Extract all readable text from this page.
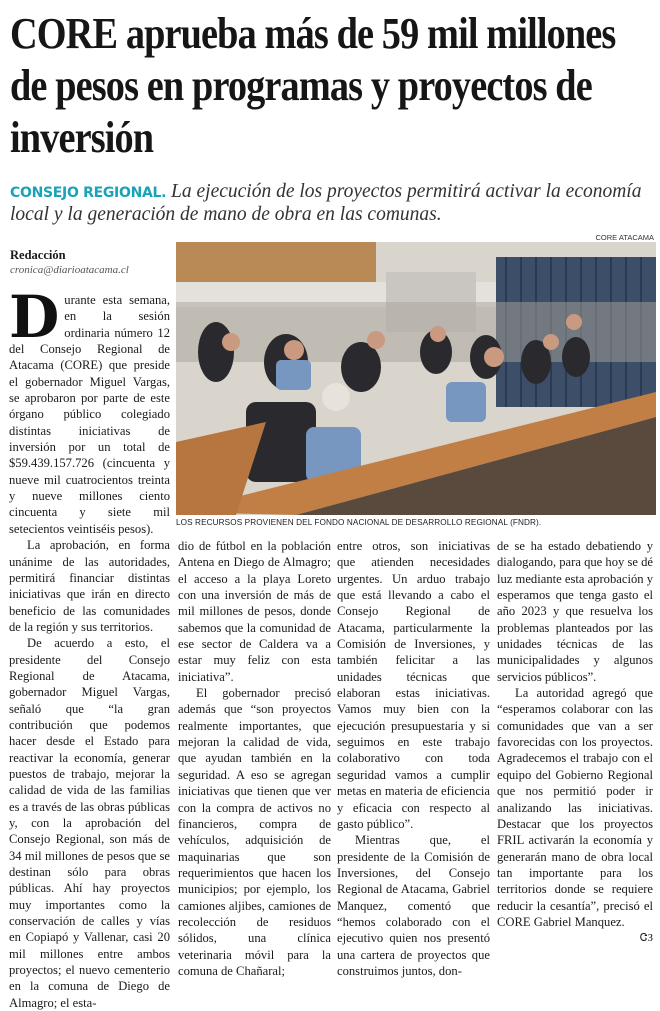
CORE aprueba más de 59 mil millones de pesos en programas y proyectos de inversión
CONSEJO REGIONAL. La ejecución de los proyectos permitirá activar la economía local y la generación de mano de obra en las comunas.
CORE ATACAMA
LOS RECURSOS PROVIENEN DEL FONDO NACIONAL DE DESARROLLO REGIONAL (FNDR).
Redacción
cronica@diarioatacama.cl

Durante esta semana, en la sesión ordinaria número 12 del Consejo Regional de Atacama (CORE) que preside el gobernador Miguel Vargas, se aprobaron por parte de este órgano público colegiado distintas iniciativas de inversión por un total de $59.439.157.726 (cincuenta y nueve mil cuatrocientos treinta y nueve millones ciento cincuenta y siete mil setecientos veintiséis pesos).

La aprobación, en forma unánime de las autoridades, permitirá financiar distintas iniciativas que irán en directo beneficio de las comunidades de la región y sus territorios.

De acuerdo a esto, el presidente del Consejo Regional de Atacama, gobernador Miguel Vargas, señaló que “la gran contribución que podemos hacer desde el Estado para reactivar la economía, generar puestos de trabajo, mejorar la calidad de vida de las familias es a través de las obras públicas y, con la aprobación del Consejo Regional, son más de 34 mil millones de pesos que se destinan sólo para obras públicas. Ahí hay proyectos muy importantes como la conservación de calles y vías en Copiapó y Vallenar, casi 20 mil millones entre ambos proyectos; el nuevo cementerio en la comuna de Diego de Almagro; el esta-

dio de fútbol en la población Antena en Diego de Almagro; el acceso a la playa Loreto con una inversión de más de mil millones de pesos, donde sabemos que la comunidad de ese sector de Caldera va a estar muy feliz con esta iniciativa”.

El gobernador precisó además que “son proyectos realmente importantes, que mejoran la calidad de vida, que ayudan también en la seguridad. A eso se agregan iniciativas que tienen que ver con la compra de activos no financieros, compra de vehículos, adquisición de maquinarias que son requerimientos que hacen los municipios; por ejemplo, los camiones aljibes, camiones de recolección de residuos sólidos, una clínica veterinaria móvil para la comuna de Chañaral;

entre otros, son iniciativas que atienden necesidades urgentes. Un arduo trabajo que está llevando a cabo el Consejo Regional de Atacama, particularmente la Comisión de Inversiones, y también felicitar a las unidades técnicas que elaboran estas iniciativas. Vamos muy bien con la ejecución presupuestaria y si seguimos en este trabajo colaborativo con toda seguridad vamos a cumplir metas en materia de eficiencia y eficacia con respecto al gasto público”.

Mientras que, el presidente de la Comisión de Inversiones, del Consejo Regional de Atacama, Gabriel Manquez, comentó que “hemos colaborado con el ejecutivo quien nos presentó una cartera de proyectos que construimos juntos, don-

de se ha estado debatiendo y dialogando, para que hoy se dé luz mediante esta aprobación y esperamos que tenga gasto el año 2023 y que resuelva los problemas planteados por las unidades técnicas de las municipalidades y algunos servicios públicos”.

La autoridad agregó que “esperamos colaborar con las comunidades que van a ser favorecidas con los proyectos. Agradecemos el trabajo con el equipo del Gobierno Regional que nos permitió poder ir analizando las iniciativas. Destacar que los proyectos FRIL activarán la economía y generarán mano de obra local tan importante para los territorios donde se requiere reducir la cesantía”, precisó el CORE Gabriel Manquez.
ᏣЗ
